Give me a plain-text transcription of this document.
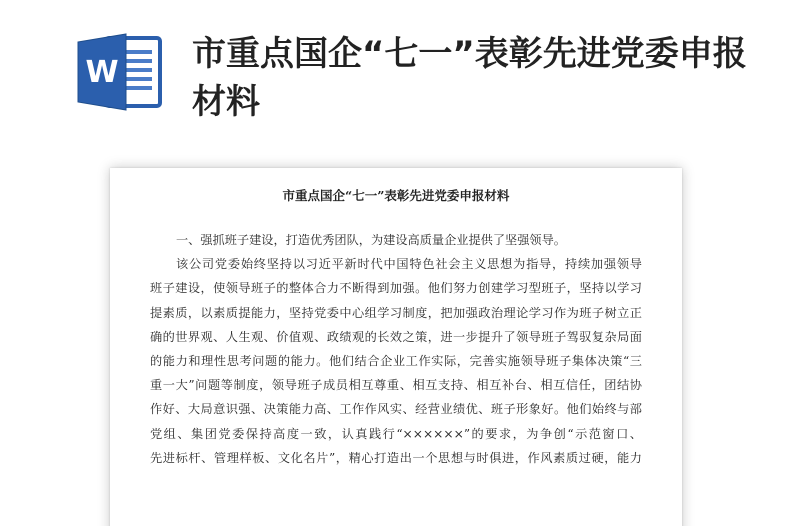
W 市重点国企“七一”表彰先进党委申报材料

市重点国企“七一”表彰先进党委申报材料

一、强抓班子建设，打造优秀团队，为建设高质量企业提供了坚强领导。
该公司党委始终坚持以习近平新时代中国特色社会主义思想为指导，持续加强领导
班子建设，使领导班子的整体合力不断得到加强。他们努力创建学习型班子，坚持以学习
提素质，以素质提能力，坚持党委中心组学习制度，把加强政治理论学习作为班子树立正
确的世界观、人生观、价值观、政绩观的长效之策，进一步提升了领导班子驾驭复杂局面
的能力和理性思考问题的能力。他们结合企业工作实际，完善实施领导班子集体决策“三
重一大”问题等制度，领导班子成员相互尊重、相互支持、相互补台、相互信任，团结协
作好、大局意识强、决策能力高、工作作风实、经营业绩优、班子形象好。他们始终与部
党组、集团党委保持高度一致，认真践行“××××××”的要求，为争创“示范窗口、
先进标杆、管理样板、文化名片”，精心打造出一个思想与时俱进，作风素质过硬，能力
